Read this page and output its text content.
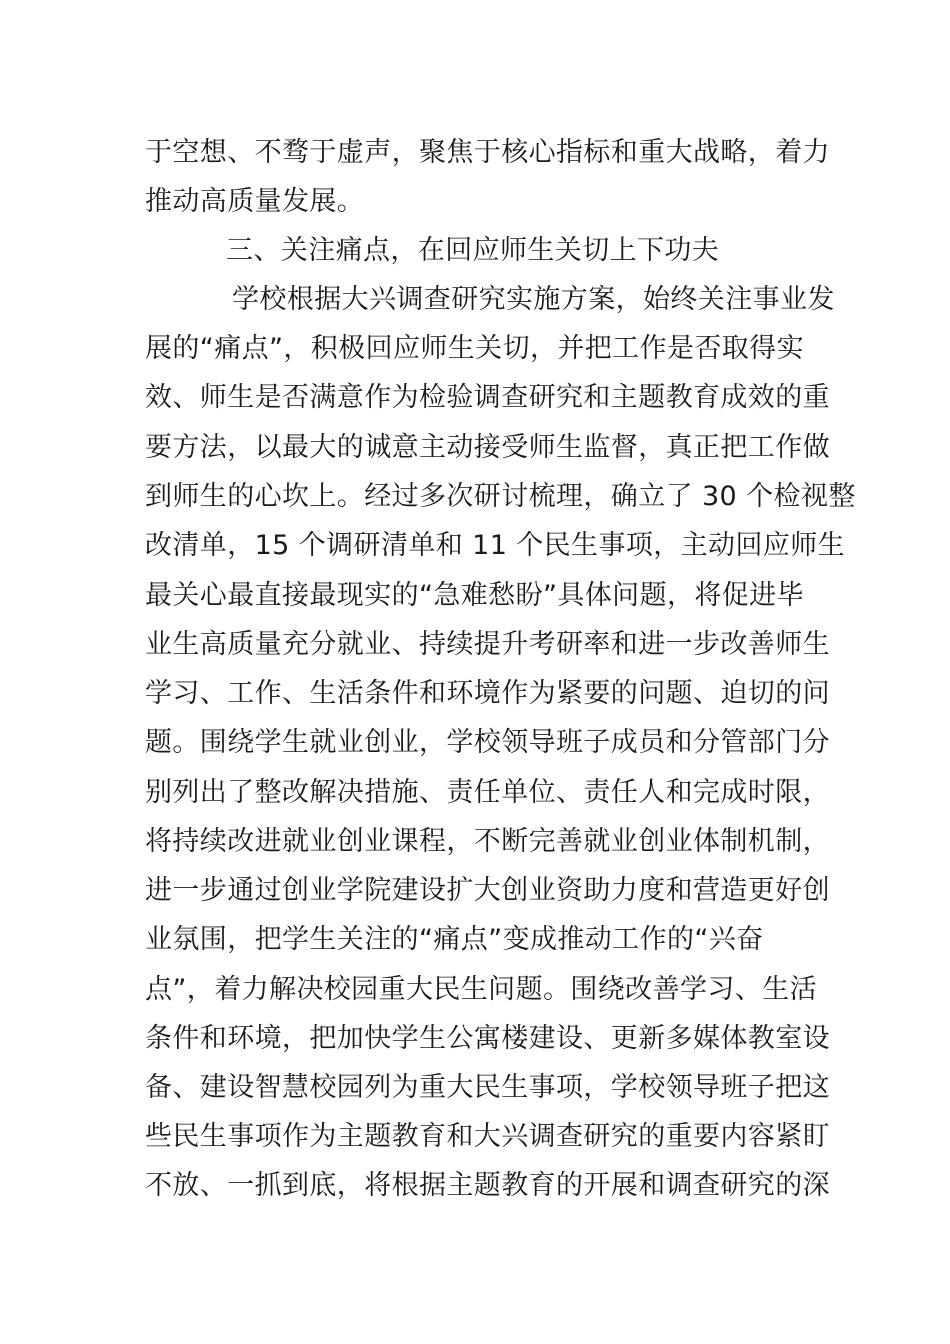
于空想、不骛于虚声，聚焦于核心指标和重大战略，着力
推动高质量发展。
三、关注痛点，在回应师生关切上下功夫
学校根据大兴调查研究实施方案，始终关注事业发
展的“痛点”，积极回应师生关切，并把工作是否取得实
效、师生是否满意作为检验调查研究和主题教育成效的重
要方法，以最大的诚意主动接受师生监督，真正把工作做
到师生的心坎上。经过多次研讨梳理，确立了 30 个检视整
改清单，15 个调研清单和 11 个民生事项，主动回应师生
最关心最直接最现实的“急难愁盼”具体问题，将促进毕
业生高质量充分就业、持续提升考研率和进一步改善师生
学习、工作、生活条件和环境作为紧要的问题、迫切的问
题。围绕学生就业创业，学校领导班子成员和分管部门分
别列出了整改解决措施、责任单位、责任人和完成时限，
将持续改进就业创业课程，不断完善就业创业体制机制，
进一步通过创业学院建设扩大创业资助力度和营造更好创
业氛围，把学生关注的“痛点”变成推动工作的“兴奋
点”，着力解决校园重大民生问题。围绕改善学习、生活
条件和环境，把加快学生公寓楼建设、更新多媒体教室设
备、建设智慧校园列为重大民生事项，学校领导班子把这
些民生事项作为主题教育和大兴调查研究的重要内容紧盯
不放、一抓到底，将根据主题教育的开展和调查研究的深
